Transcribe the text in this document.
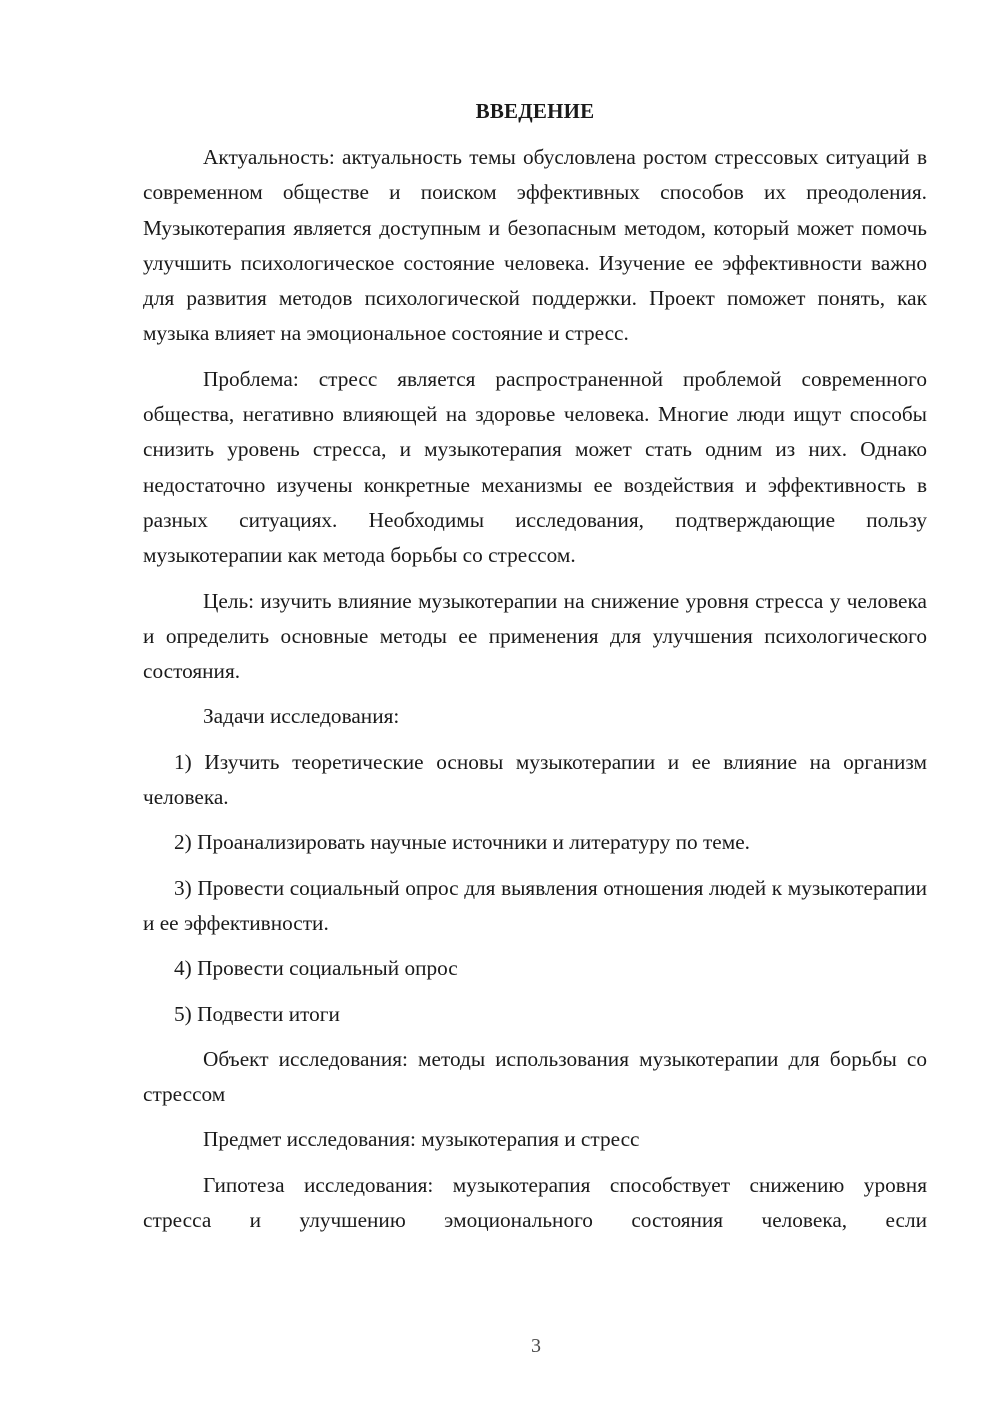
ВВЕДЕНИЕ

Актуальность: актуальность темы обусловлена ростом стрессовых ситуаций в современном обществе и поиском эффективных способов их преодоления. Музыкотерапия является доступным и безопасным методом, который может помочь улучшить психологическое состояние человека. Изучение ее эффективности важно для развития методов психологической поддержки. Проект поможет понять, как музыка влияет на эмоциональное состояние и стресс.

Проблема: стресс является распространенной проблемой современного общества, негативно влияющей на здоровье человека. Многие люди ищут способы снизить уровень стресса, и музыкотерапия может стать одним из них. Однако недостаточно изучены конкретные механизмы ее воздействия и эффективность в разных ситуациях. Необходимы исследования, подтверждающие пользу музыкотерапии как метода борьбы со стрессом.

Цель: изучить влияние музыкотерапии на снижение уровня стресса у человека и определить основные методы ее применения для улучшения психологического состояния.

Задачи исследования:

1) Изучить теоретические основы музыкотерапии и ее влияние на организм человека.

2) Проанализировать научные источники и литературу по теме.

3) Провести социальный опрос для выявления отношения людей к музыкотерапии и ее эффективности.

4) Провести социальный опрос

5) Подвести итоги

Объект исследования: методы использования музыкотерапии для борьбы со стрессом

Предмет исследования: музыкотерапия и стресс

Гипотеза исследования: музыкотерапия способствует снижению уровня стресса и улучшению эмоционального состояния человека, если

3
